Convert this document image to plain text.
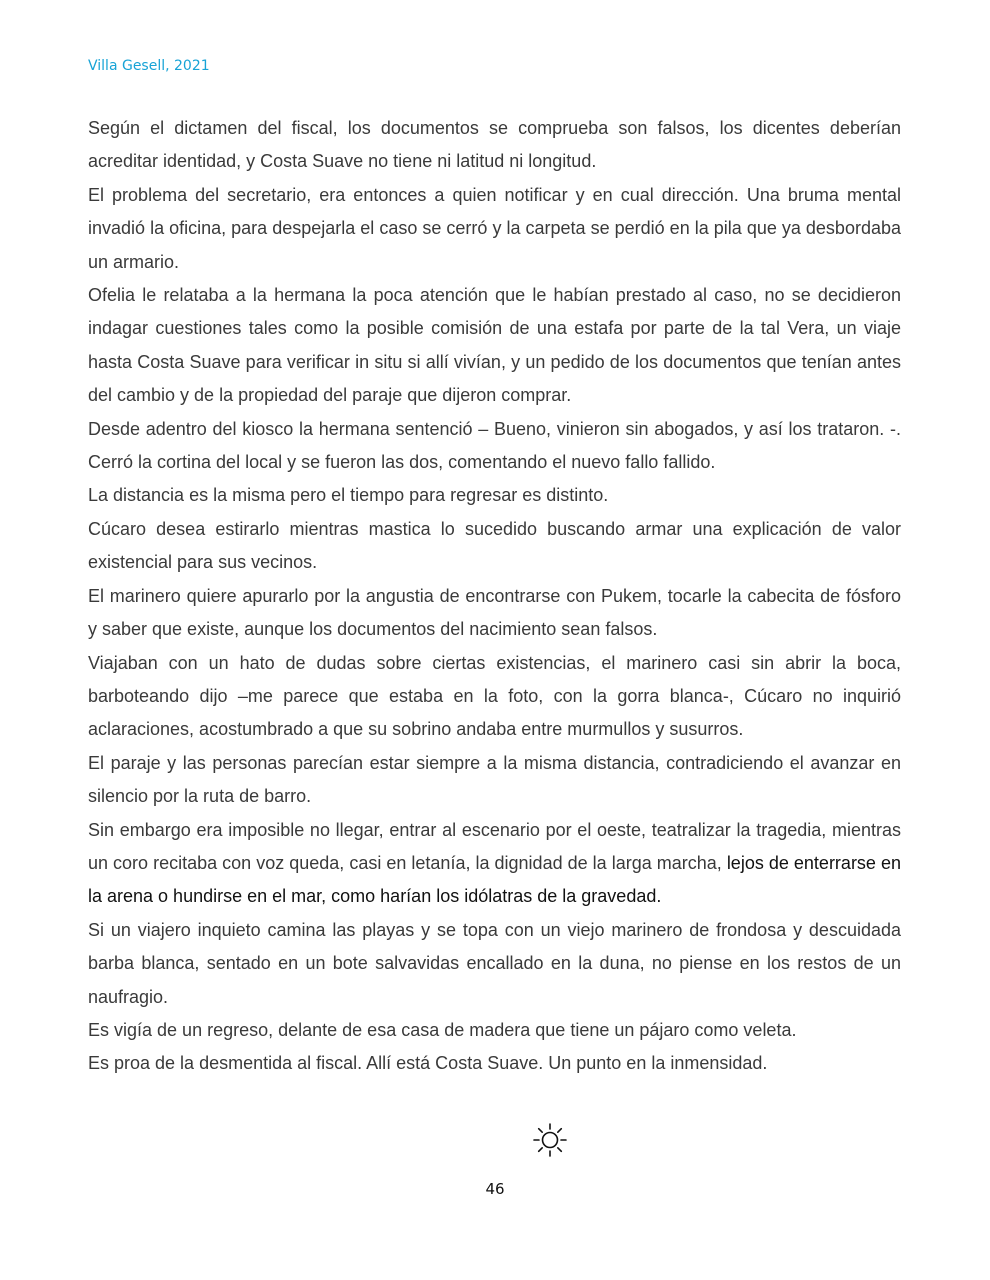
Villa Gesell, 2021

Según el dictamen del fiscal, los documentos se comprueba son falsos, los dicentes deberían acreditar identidad, y Costa Suave no tiene ni latitud ni longitud.

El problema del secretario, era entonces a quien notificar y en cual dirección. Una bruma mental invadió la oficina, para despejarla el caso se cerró y la carpeta se perdió en la pila que ya desbordaba un armario.

Ofelia le relataba a la hermana la poca atención que le habían prestado al caso, no se decidieron indagar cuestiones tales como la posible comisión de una estafa por parte de la tal Vera, un viaje hasta Costa Suave para verificar in situ si allí vivían, y un pedido de los documentos que tenían antes del cambio y de la propiedad del paraje que dijeron comprar.

Desde adentro del kiosco la hermana sentenció – Bueno, vinieron sin abogados, y así los trataron. -. Cerró la cortina del local y se fueron las dos, comentando el nuevo fallo fallido.

La distancia es la misma pero el tiempo para regresar es distinto.

Cúcaro desea estirarlo mientras mastica lo sucedido buscando armar una explicación de valor existencial para sus vecinos.

El marinero quiere apurarlo por la angustia de encontrarse con Pukem, tocarle la cabecita de fósforo y saber que existe, aunque los documentos del nacimiento sean falsos.

Viajaban con un hato de dudas sobre ciertas existencias, el marinero casi sin abrir la boca, barboteando dijo –me parece que estaba en la foto, con la gorra blanca-, Cúcaro no inquirió aclaraciones, acostumbrado a que su sobrino andaba entre murmullos y susurros.

El paraje y las personas parecían estar siempre a la misma distancia, contradiciendo el avanzar en silencio por la ruta de barro.

Sin embargo era imposible no llegar, entrar al escenario por el oeste, teatralizar la tragedia, mientras un coro recitaba con voz queda, casi en letanía, la dignidad de la larga marcha, lejos de enterrarse en la arena o hundirse en el mar, como harían los idólatras de la gravedad.

Si un viajero inquieto camina las playas y se topa con un viejo marinero de frondosa y descuidada barba blanca, sentado en un bote salvavidas encallado en la duna, no piense en los restos de un naufragio.

Es vigía de un regreso, delante de esa casa de madera que tiene un pájaro como veleta.

Es proa de la desmentida al fiscal. Allí está Costa Suave. Un punto en la inmensidad.

46
